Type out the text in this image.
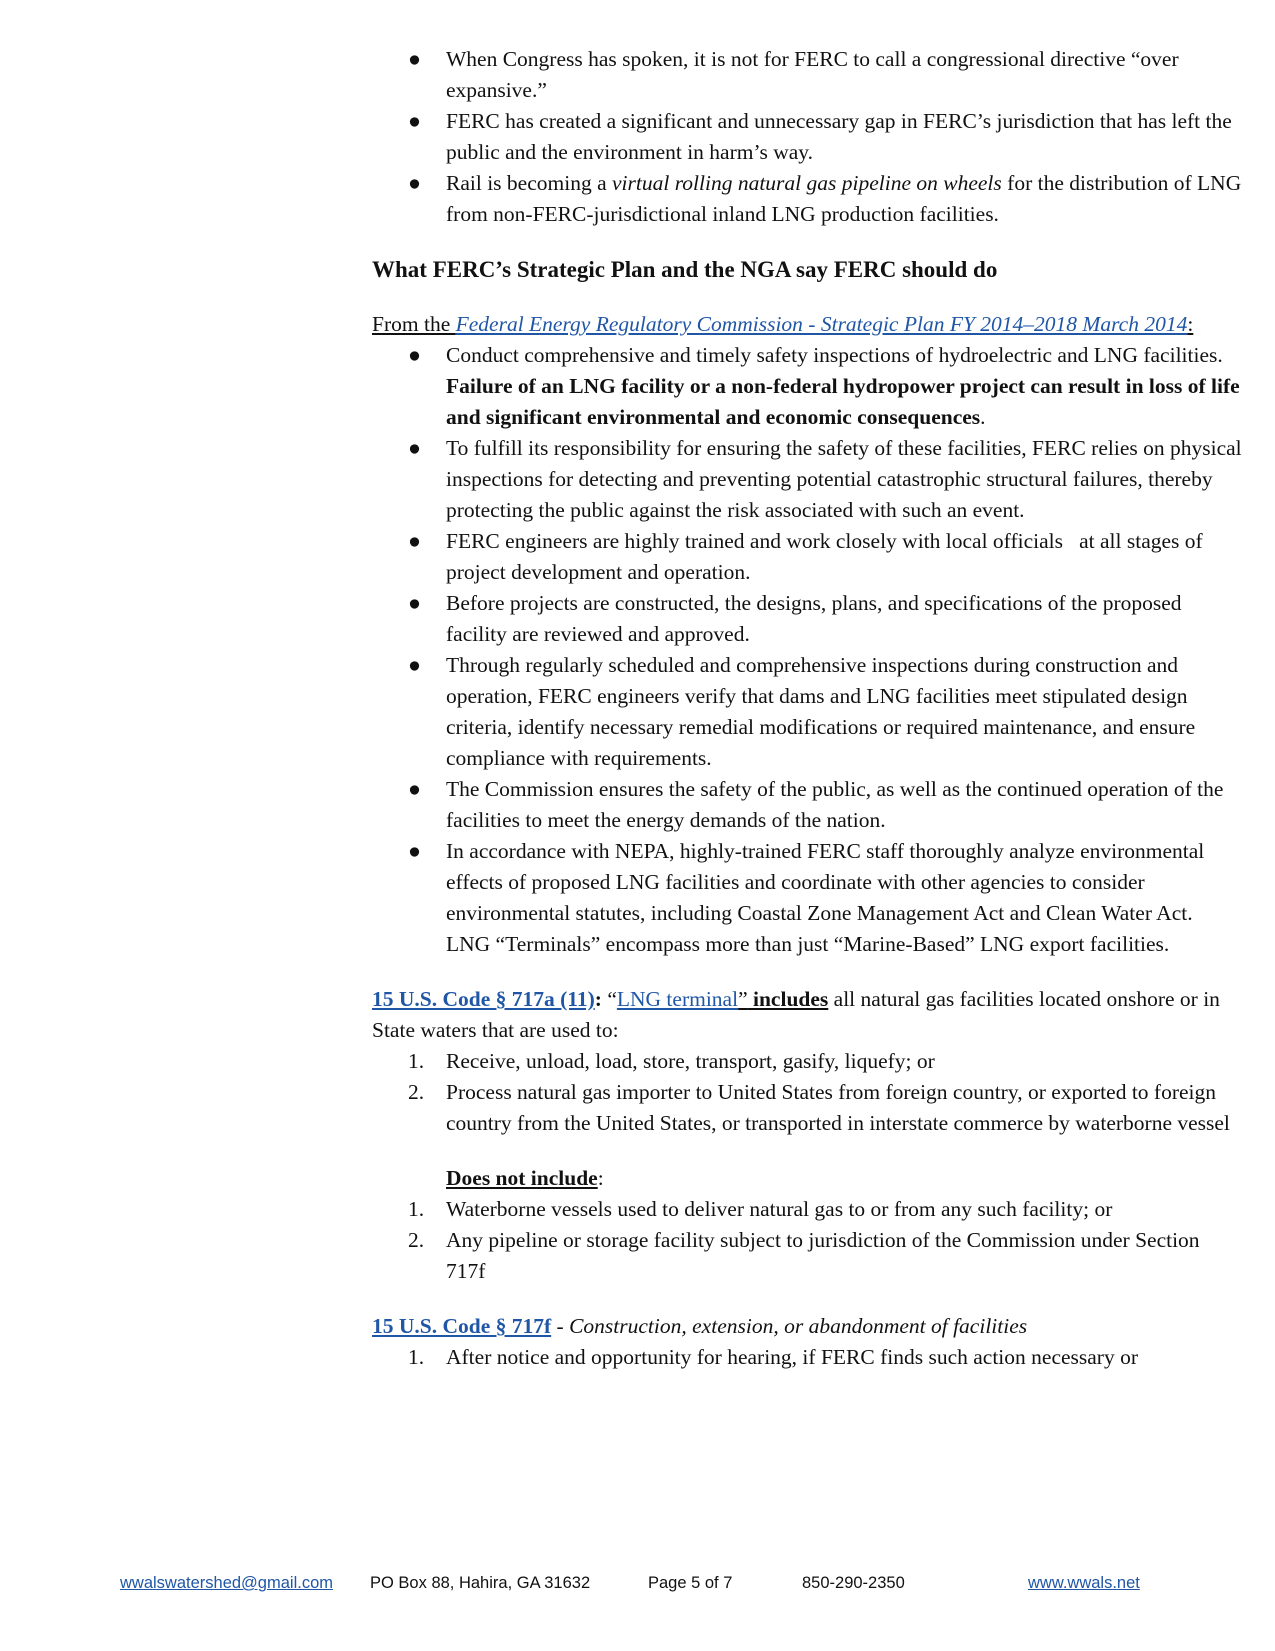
● When Congress has spoken, it is not for FERC to call a congressional directive “over expansive.”
● FERC has created a significant and unnecessary gap in FERC’s jurisdiction that has left the public and the environment in harm’s way.
● Rail is becoming a virtual rolling natural gas pipeline on wheels for the distribution of LNG from non-FERC-jurisdictional inland LNG production facilities.
What FERC’s Strategic Plan and the NGA say FERC should do
From the Federal Energy Regulatory Commission - Strategic Plan FY 2014–2018 March 2014:
● Conduct comprehensive and timely safety inspections of hydroelectric and LNG facilities. Failure of an LNG facility or a non-federal hydropower project can result in loss of life and significant environmental and economic consequences.
● To fulfill its responsibility for ensuring the safety of these facilities, FERC relies on physical inspections for detecting and preventing potential catastrophic structural failures, thereby protecting the public against the risk associated with such an event.
● FERC engineers are highly trained and work closely with local officials   at all stages of project development and operation.
● Before projects are constructed, the designs, plans, and specifications of the proposed facility are reviewed and approved.
● Through regularly scheduled and comprehensive inspections during construction and operation, FERC engineers verify that dams and LNG facilities meet stipulated design criteria, identify necessary remedial modifications or required maintenance, and ensure compliance with requirements.
● The Commission ensures the safety of the public, as well as the continued operation of the facilities to meet the energy demands of the nation.
● In accordance with NEPA, highly-trained FERC staff thoroughly analyze environmental effects of proposed LNG facilities and coordinate with other agencies to consider environmental statutes, including Coastal Zone Management Act and Clean Water Act. LNG “Terminals” encompass more than just “Marine-Based” LNG export facilities.
15 U.S. Code § 717a (11): “LNG terminal” includes all natural gas facilities located onshore or in State waters that are used to:
1. Receive, unload, load, store, transport, gasify, liquefy; or
2. Process natural gas importer to United States from foreign country, or exported to foreign country from the United States, or transported in interstate commerce by waterborne vessel
Does not include:
1. Waterborne vessels used to deliver natural gas to or from any such facility; or
2. Any pipeline or storage facility subject to jurisdiction of the Commission under Section 717f
15 U.S. Code § 717f - Construction, extension, or abandonment of facilities
1. After notice and opportunity for hearing, if FERC finds such action necessary or
wwalswatershed@gmail.com PO Box 88, Hahira, GA 31632	Page 5 of 7	850-290-2350	www.wwals.net
